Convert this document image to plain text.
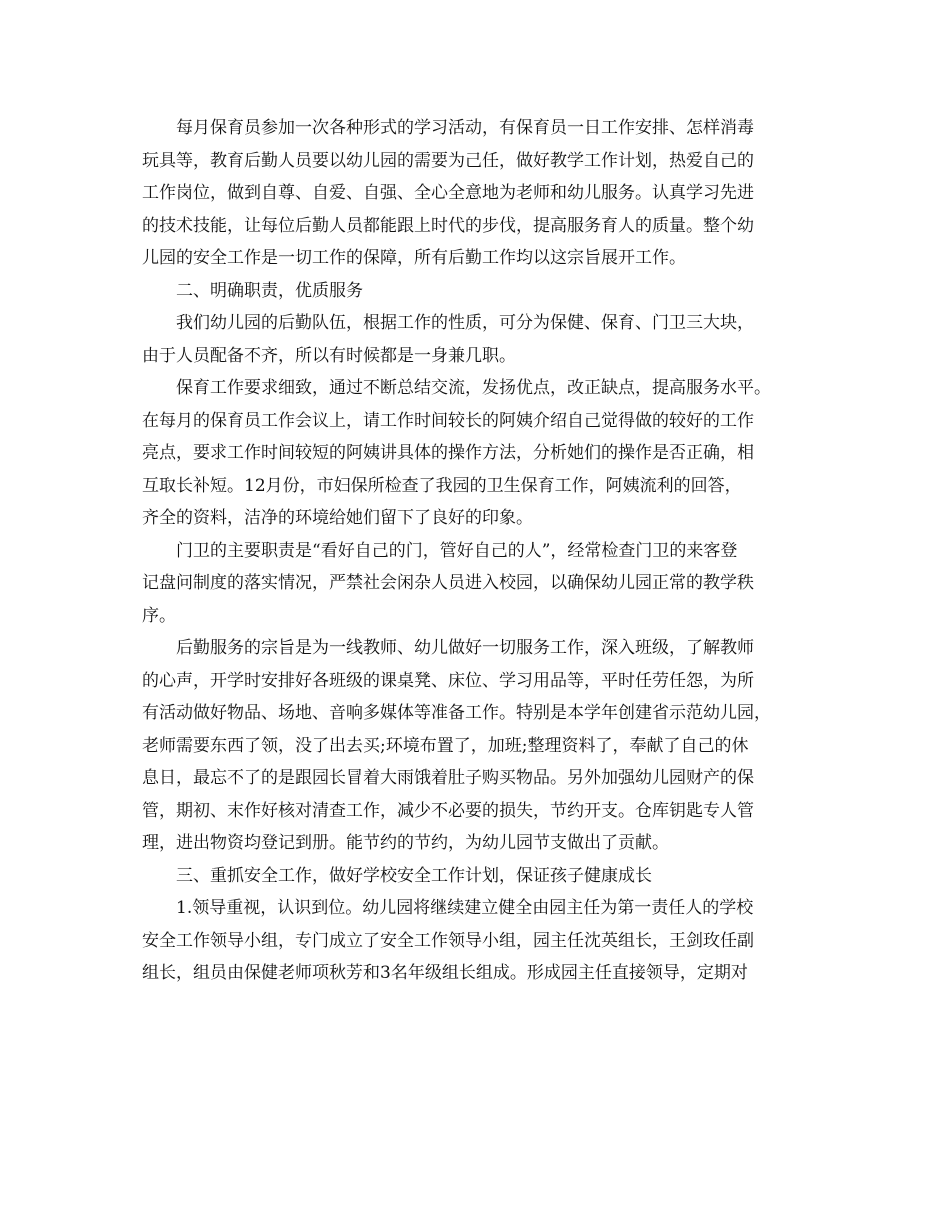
每月保育员参加一次各种形式的学习活动，有保育员一日工作安排、怎样消毒
玩具等，教育后勤人员要以幼儿园的需要为己任，做好教学工作计划，热爱自己的
工作岗位，做到自尊、自爱、自强、全心全意地为老师和幼儿服务。认真学习先进
的技术技能，让每位后勤人员都能跟上时代的步伐，提高服务育人的质量。整个幼
儿园的安全工作是一切工作的保障，所有后勤工作均以这宗旨展开工作。
二、明确职责，优质服务
我们幼儿园的后勤队伍，根据工作的性质，可分为保健、保育、门卫三大块，
由于人员配备不齐，所以有时候都是一身兼几职。
保育工作要求细致，通过不断总结交流，发扬优点，改正缺点，提高服务水平。
在每月的保育员工作会议上，请工作时间较长的阿姨介绍自己觉得做的较好的工作
亮点，要求工作时间较短的阿姨讲具体的操作方法，分析她们的操作是否正确，相
互取长补短。12月份，市妇保所检查了我园的卫生保育工作，阿姨流利的回答，
齐全的资料，洁净的环境给她们留下了良好的印象。
门卫的主要职责是“看好自己的门，管好自己的人”，经常检查门卫的来客登
记盘问制度的落实情况，严禁社会闲杂人员进入校园，以确保幼儿园正常的教学秩
序。
后勤服务的宗旨是为一线教师、幼儿做好一切服务工作，深入班级，了解教师
的心声，开学时安排好各班级的课桌凳、床位、学习用品等，平时任劳任怨，为所
有活动做好物品、场地、音响多媒体等准备工作。特别是本学年创建省示范幼儿园，
老师需要东西了领，没了出去买;环境布置了，加班;整理资料了，奉献了自己的休
息日，最忘不了的是跟园长冒着大雨饿着肚子购买物品。另外加强幼儿园财产的保
管，期初、末作好核对清查工作，减少不必要的损失，节约开支。仓库钥匙专人管
理，进出物资均登记到册。能节约的节约，为幼儿园节支做出了贡献。
三、重抓安全工作，做好学校安全工作计划，保证孩子健康成长
1.领导重视，认识到位。幼儿园将继续建立健全由园主任为第一责任人的学校
安全工作领导小组，专门成立了安全工作领导小组，园主任沈英组长，王剑玫任副
组长，组员由保健老师项秋芳和3名年级组长组成。形成园主任直接领导，定期对
